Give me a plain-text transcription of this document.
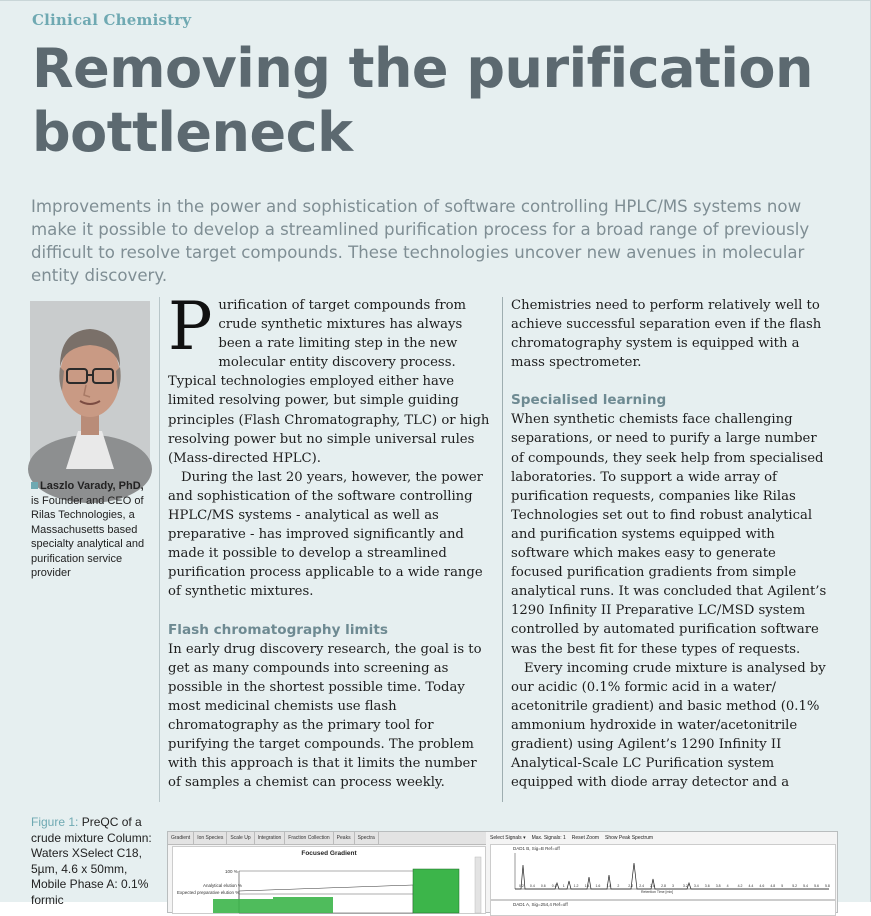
Clinical Chemistry
Removing the purification bottleneck

Improvements in the power and sophistication of software controlling HPLC/MS systems now make it possible to develop a streamlined purification process for a broad range of previously difficult to resolve target compounds. These technologies uncover new avenues in molecular entity discovery.

Laszlo Varady, PhD, is Founder and CEO of Rilas Technologies, a Massachusetts based specialty analytical and purification service provider

Purification of target compounds from crude synthetic mixtures has always been a rate limiting step in the new molecular entity discovery process. Typical technologies employed either have limited resolving power, but simple guiding principles (Flash Chromatography, TLC) or high resolving power but no simple universal rules (Mass-directed HPLC).

During the last 20 years, however, the power and sophistication of the software controlling HPLC/MS systems - analytical as well as preparative - has improved significantly and made it possible to develop a streamlined purification process applicable to a wide range of synthetic mixtures.

Flash chromatography limits

In early drug discovery research, the goal is to get as many compounds into screening as possible in the shortest possible time. Today most medicinal chemists use flash chromatography as the primary tool for purifying the target compounds. The problem with this approach is that it limits the number of samples a chemist can process weekly.

Chemistries need to perform relatively well to achieve successful separation even if the flash chromatography system is equipped with a mass spectrometer.

Specialised learning

When synthetic chemists face challenging separations, or need to purify a large number of compounds, they seek help from specialised laboratories. To support a wide array of purification requests, companies like Rilas Technologies set out to find robust analytical and purification systems equipped with software which makes easy to generate focused purification gradients from simple analytical runs. It was concluded that Agilent’s 1290 Infinity II Preparative LC/MSD system controlled by automated purification software was the best fit for these types of requests.

Every incoming crude mixture is analysed by our acidic (0.1% formic acid in a water/ acetonitrile gradient) and basic method (0.1% ammonium hydroxide in water/acetonitrile gradient) using Agilent’s 1290 Infinity II Analytical-Scale LC Purification system equipped with diode array detector and a

Figure 1: PreQC of a crude mixture Column: Waters XSelect C18, 5µm, 4.6 x 50mm, Mobile Phase A: 0.1% formic
Gradient Ion Species Scale Up Integration Fraction Collection Peaks Spectra
Focused Gradient
100 %
Analytical elution %
Expected preparative elution %
Select Signals ▾ Max. Signals: 1 Reset Zoom Show Peak Spectrum
DAD1 B, Sig=B Ref=off
Retention Time [min]
0.2 0.4 0.6 0.8 1	1.2 1.4 1.6 1.8 2	2.2 2.4 2.6 2.8 3	3.2 3.4 3.6 3.8 4	4.2 4.4 4.6 4.8 5	5.2 5.4 5.6 5.8
DAD1 A, Sig=254,4 Ref=off
